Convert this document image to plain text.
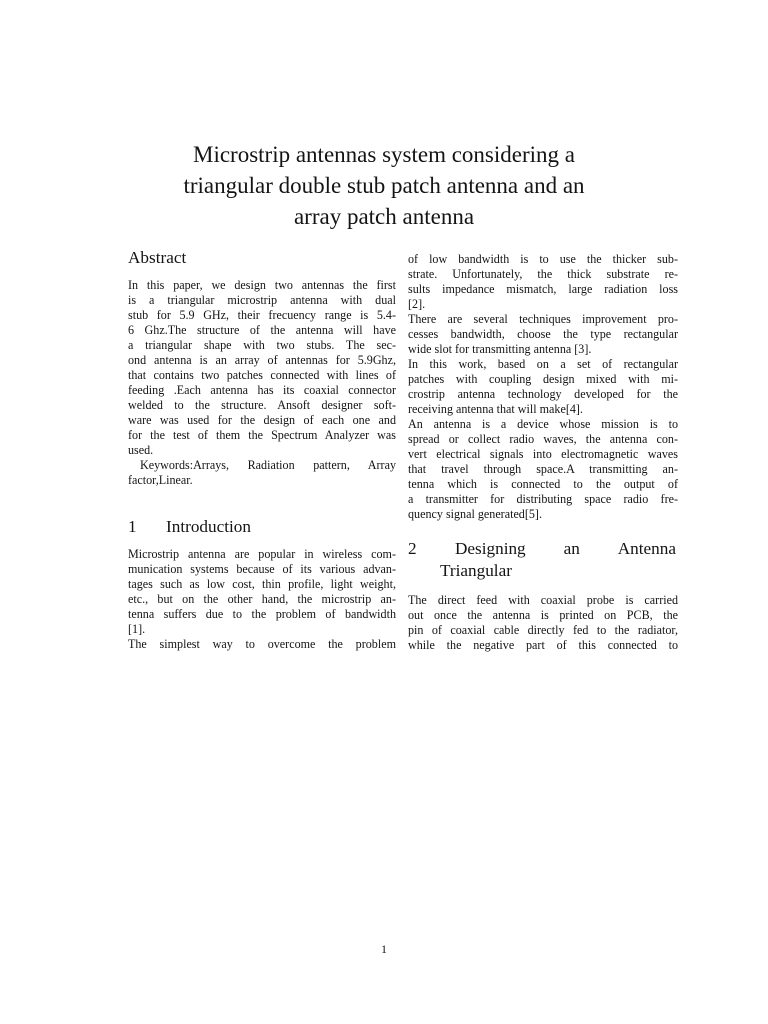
Microstrip antennas system considering a
triangular double stub patch antenna and an
array patch antenna
Abstract
In this paper, we design two antennas the first
is a triangular microstrip antenna with dual
stub for 5.9 GHz, their frecuency range is 5.4-
6 Ghz.The structure of the antenna will have
a triangular shape with two stubs. The sec-
ond antenna is an array of antennas for 5.9Ghz,
that contains two patches connected with lines of
feeding .Each antenna has its coaxial connector
welded to the structure. Ansoft designer soft-
ware was used for the design of each one and
for the test of them the Spectrum Analyzer was
used.
Keywords:Arrays, Radiation pattern, Array
factor,Linear.
1 Introduction
Microstrip antenna are popular in wireless com-
munication systems because of its various advan-
tages such as low cost, thin profile, light weight,
etc., but on the other hand, the microstrip an-
tenna suffers due to the problem of bandwidth
[1].
The simplest way to overcome the problem
of low bandwidth is to use the thicker sub-
strate. Unfortunately, the thick substrate re-
sults impedance mismatch, large radiation loss
[2].
There are several techniques improvement pro-
cesses bandwidth, choose the type rectangular
wide slot for transmitting antenna [3].
In this work, based on a set of rectangular
patches with coupling design mixed with mi-
crostrip antenna technology developed for the
receiving antenna that will make[4].
An antenna is a device whose mission is to
spread or collect radio waves, the antenna con-
vert electrical signals into electromagnetic waves
that travel through space.A transmitting an-
tenna which is connected to the output of
a transmitter for distributing space radio fre-
quency signal generated[5].
2	Designing an Antenna
Triangular
The direct feed with coaxial probe is carried
out once the antenna is printed on PCB, the
pin of coaxial cable directly fed to the radiator,
while the negative part of this connected to
1
